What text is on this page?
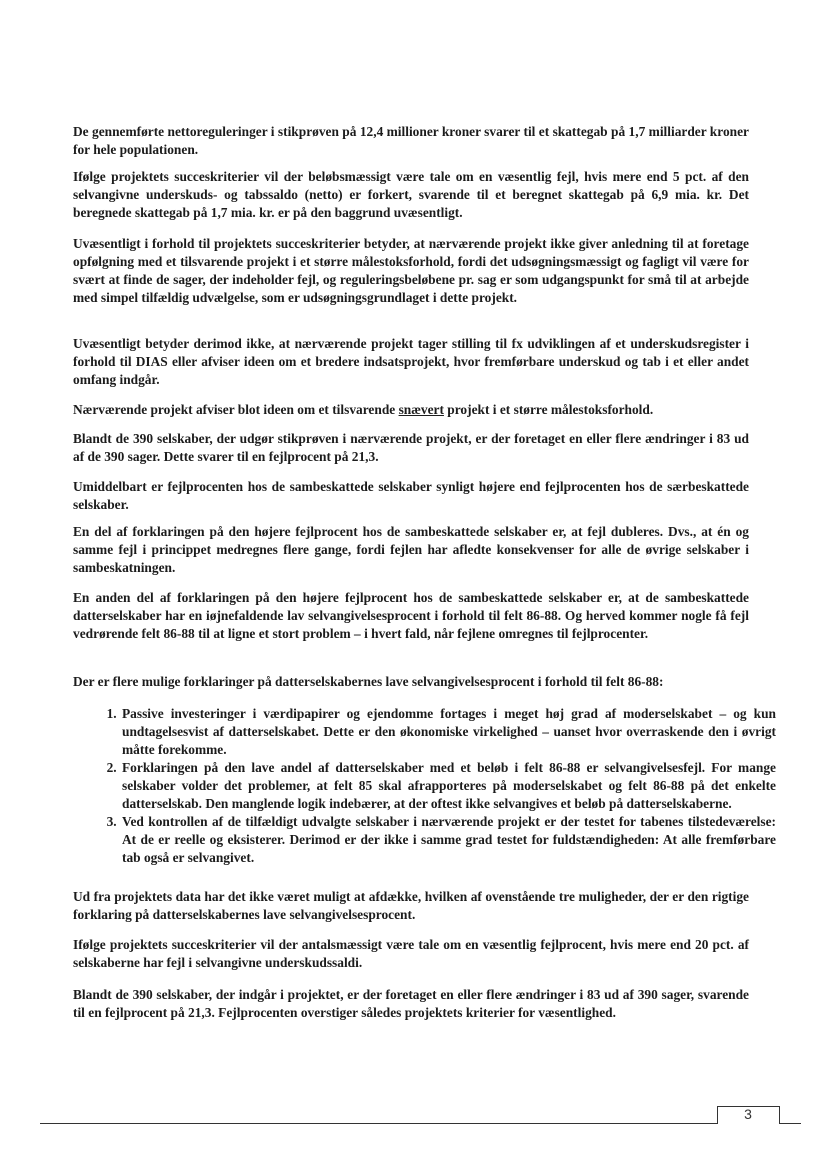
De gennemførte nettoreguleringer i stikprøven på 12,4 millioner kroner svarer til et skattegab på 1,7 milliarder kroner for hele populationen.

Ifølge projektets succeskriterier vil der beløbsmæssigt være tale om en væsentlig fejl, hvis mere end 5 pct. af den selvangivne underskuds- og tabssaldo (netto) er forkert, svarende til et beregnet skattegab på 6,9 mia. kr. Det beregnede skattegab på 1,7 mia. kr. er på den baggrund uvæsentligt.

Uvæsentligt i forhold til projektets succeskriterier betyder, at nærværende projekt ikke giver anledning til at foretage opfølgning med et tilsvarende projekt i et større målestoksforhold, fordi det udsøgningsmæssigt og fagligt vil være for svært at finde de sager, der indeholder fejl, og reguleringsbeløbene pr. sag er som udgangspunkt for små til at arbejde med simpel tilfældig udvælgelse, som er udsøgningsgrundlaget i dette projekt.

Uvæsentligt betyder derimod ikke, at nærværende projekt tager stilling til fx udviklingen af et underskudsregister i forhold til DIAS eller afviser ideen om et bredere indsatsprojekt, hvor fremførbare underskud og tab i et eller andet omfang indgår.

Nærværende projekt afviser blot ideen om et tilsvarende snævert projekt i et større målestoksforhold.

Blandt de 390 selskaber, der udgør stikprøven i nærværende projekt, er der foretaget en eller flere ændringer i 83 ud af de 390 sager. Dette svarer til en fejlprocent på 21,3.

Umiddelbart er fejlprocenten hos de sambeskattede selskaber synligt højere end fejlprocenten hos de særbeskattede selskaber.

En del af forklaringen på den højere fejlprocent hos de sambeskattede selskaber er, at fejl dubleres. Dvs., at én og samme fejl i princippet medregnes flere gange, fordi fejlen har afledte konsekvenser for alle de øvrige selskaber i sambeskatningen.

En anden del af forklaringen på den højere fejlprocent hos de sambeskattede selskaber er, at de sambeskattede datterselskaber har en iøjnefaldende lav selvangivelsesprocent i forhold til felt 86-88. Og herved kommer nogle få fejl vedrørende felt 86-88 til at ligne et stort problem – i hvert fald, når fejlene omregnes til fejlprocenter.

Der er flere mulige forklaringer på datterselskabernes lave selvangivelsesprocent i forhold til felt 86-88:

1. Passive investeringer i værdipapirer og ejendomme fortages i meget høj grad af moderselskabet – og kun undtagelsesvist af datterselskabet. Dette er den økonomiske virkelighed – uanset hvor overraskende den i øvrigt måtte forekomme.
2. Forklaringen på den lave andel af datterselskaber med et beløb i felt 86-88 er selvangivelsesfejl. For mange selskaber volder det problemer, at felt 85 skal afrapporteres på moderselskabet og felt 86-88 på det enkelte datterselskab. Den manglende logik indebærer, at der oftest ikke selvangives et beløb på datterselskaberne.
3. Ved kontrollen af de tilfældigt udvalgte selskaber i nærværende projekt er der testet for tabenes tilstedeværelse: At de er reelle og eksisterer. Derimod er der ikke i samme grad testet for fuldstændigheden: At alle fremførbare tab også er selvangivet.

Ud fra projektets data har det ikke været muligt at afdække, hvilken af ovenstående tre muligheder, der er den rigtige forklaring på datterselskabernes lave selvangivelsesprocent.

Ifølge projektets succeskriterier vil der antalsmæssigt være tale om en væsentlig fejlprocent, hvis mere end 20 pct. af selskaberne har fejl i selvangivne underskudssaldi.

Blandt de 390 selskaber, der indgår i projektet, er der foretaget en eller flere ændringer i 83 ud af 390 sager, svarende til en fejlprocent på 21,3. Fejlprocenten overstiger således projektets kriterier for væsentlighed.

3
